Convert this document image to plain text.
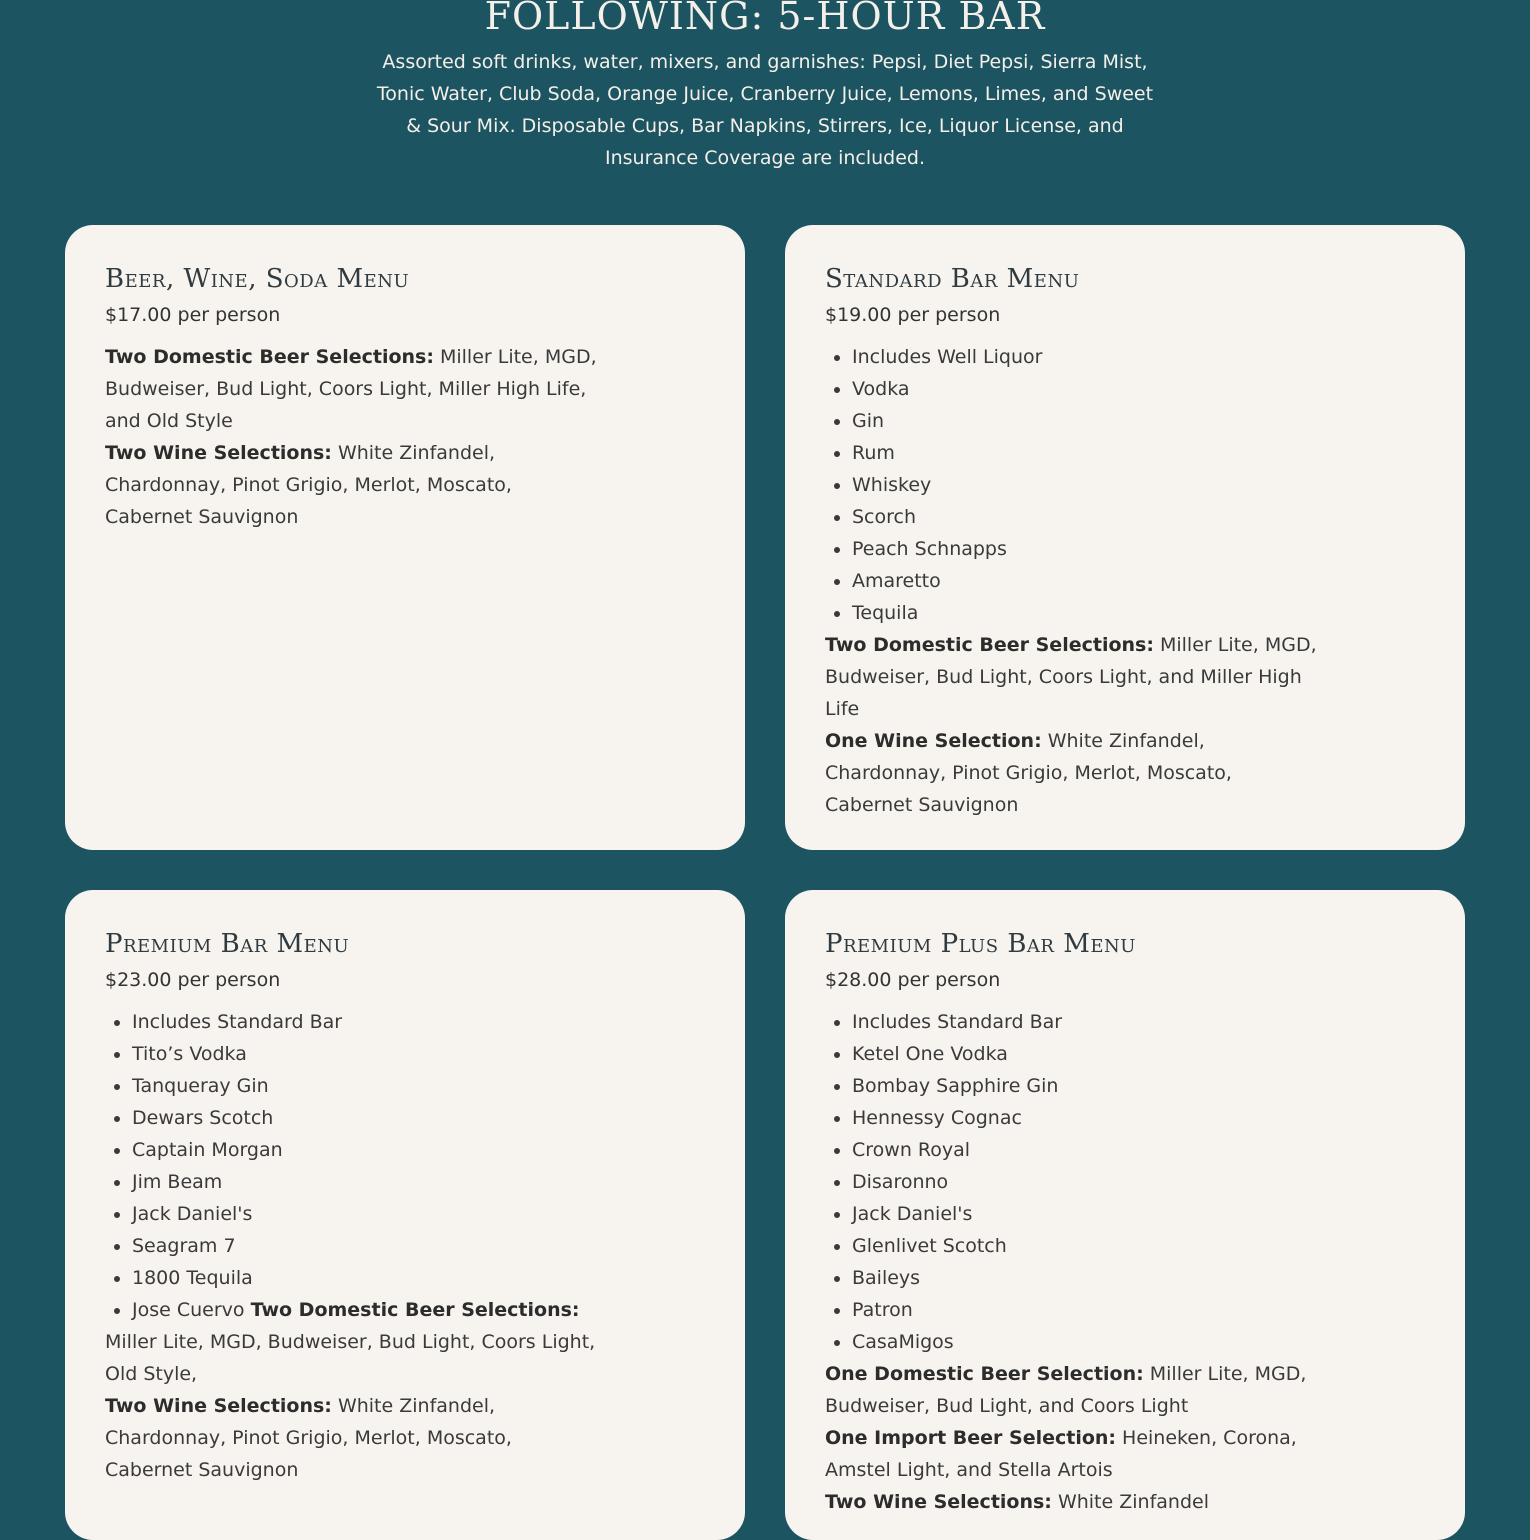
FOLLOWING: 5-HOUR BAR

Assorted soft drinks, water, mixers, and garnishes: Pepsi, Diet Pepsi, Sierra Mist, Tonic Water, Club Soda, Orange Juice, Cranberry Juice, Lemons, Limes, and Sweet & Sour Mix. Disposable Cups, Bar Napkins, Stirrers, Ice, Liquor License, and Insurance Coverage are included.

Beer, Wine, Soda Menu
$17.00 per person

Two Domestic Beer Selections: Miller Lite, MGD, Budweiser, Bud Light, Coors Light, Miller High Life, and Old Style

Two Wine Selections: White Zinfandel, Chardonnay, Pinot Grigio, Merlot, Moscato, Cabernet Sauvignon

Standard Bar Menu
$19.00 per person
• Includes Well Liquor
• Vodka
• Gin
• Rum
• Whiskey
• Scorch
• Peach Schnapps
• Amaretto
• Tequila

Two Domestic Beer Selections: Miller Lite, MGD, Budweiser, Bud Light, Coors Light, and Miller High Life

One Wine Selection: White Zinfandel, Chardonnay, Pinot Grigio, Merlot, Moscato, Cabernet Sauvignon

Premium Bar Menu
$23.00 per person
• Includes Standard Bar
• Tito’s Vodka
• Tanqueray Gin
• Dewars Scotch
• Captain Morgan
• Jim Beam
• Jack Daniel's
• Seagram 7
• 1800 Tequila
• Jose Cuervo Two Domestic Beer Selections:

Miller Lite, MGD, Budweiser, Bud Light, Coors Light, Old Style,

Two Wine Selections: White Zinfandel, Chardonnay, Pinot Grigio, Merlot, Moscato, Cabernet Sauvignon

Premium Plus Bar Menu
$28.00 per person
• Includes Standard Bar
• Ketel One Vodka
• Bombay Sapphire Gin
• Hennessy Cognac
• Crown Royal
• Disaronno
• Jack Daniel's
• Glenlivet Scotch
• Baileys
• Patron
• CasaMigos

One Domestic Beer Selection: Miller Lite, MGD, Budweiser, Bud Light, and Coors Light

One Import Beer Selection: Heineken, Corona, Amstel Light, and Stella Artois

Two Wine Selections: White Zinfandel
